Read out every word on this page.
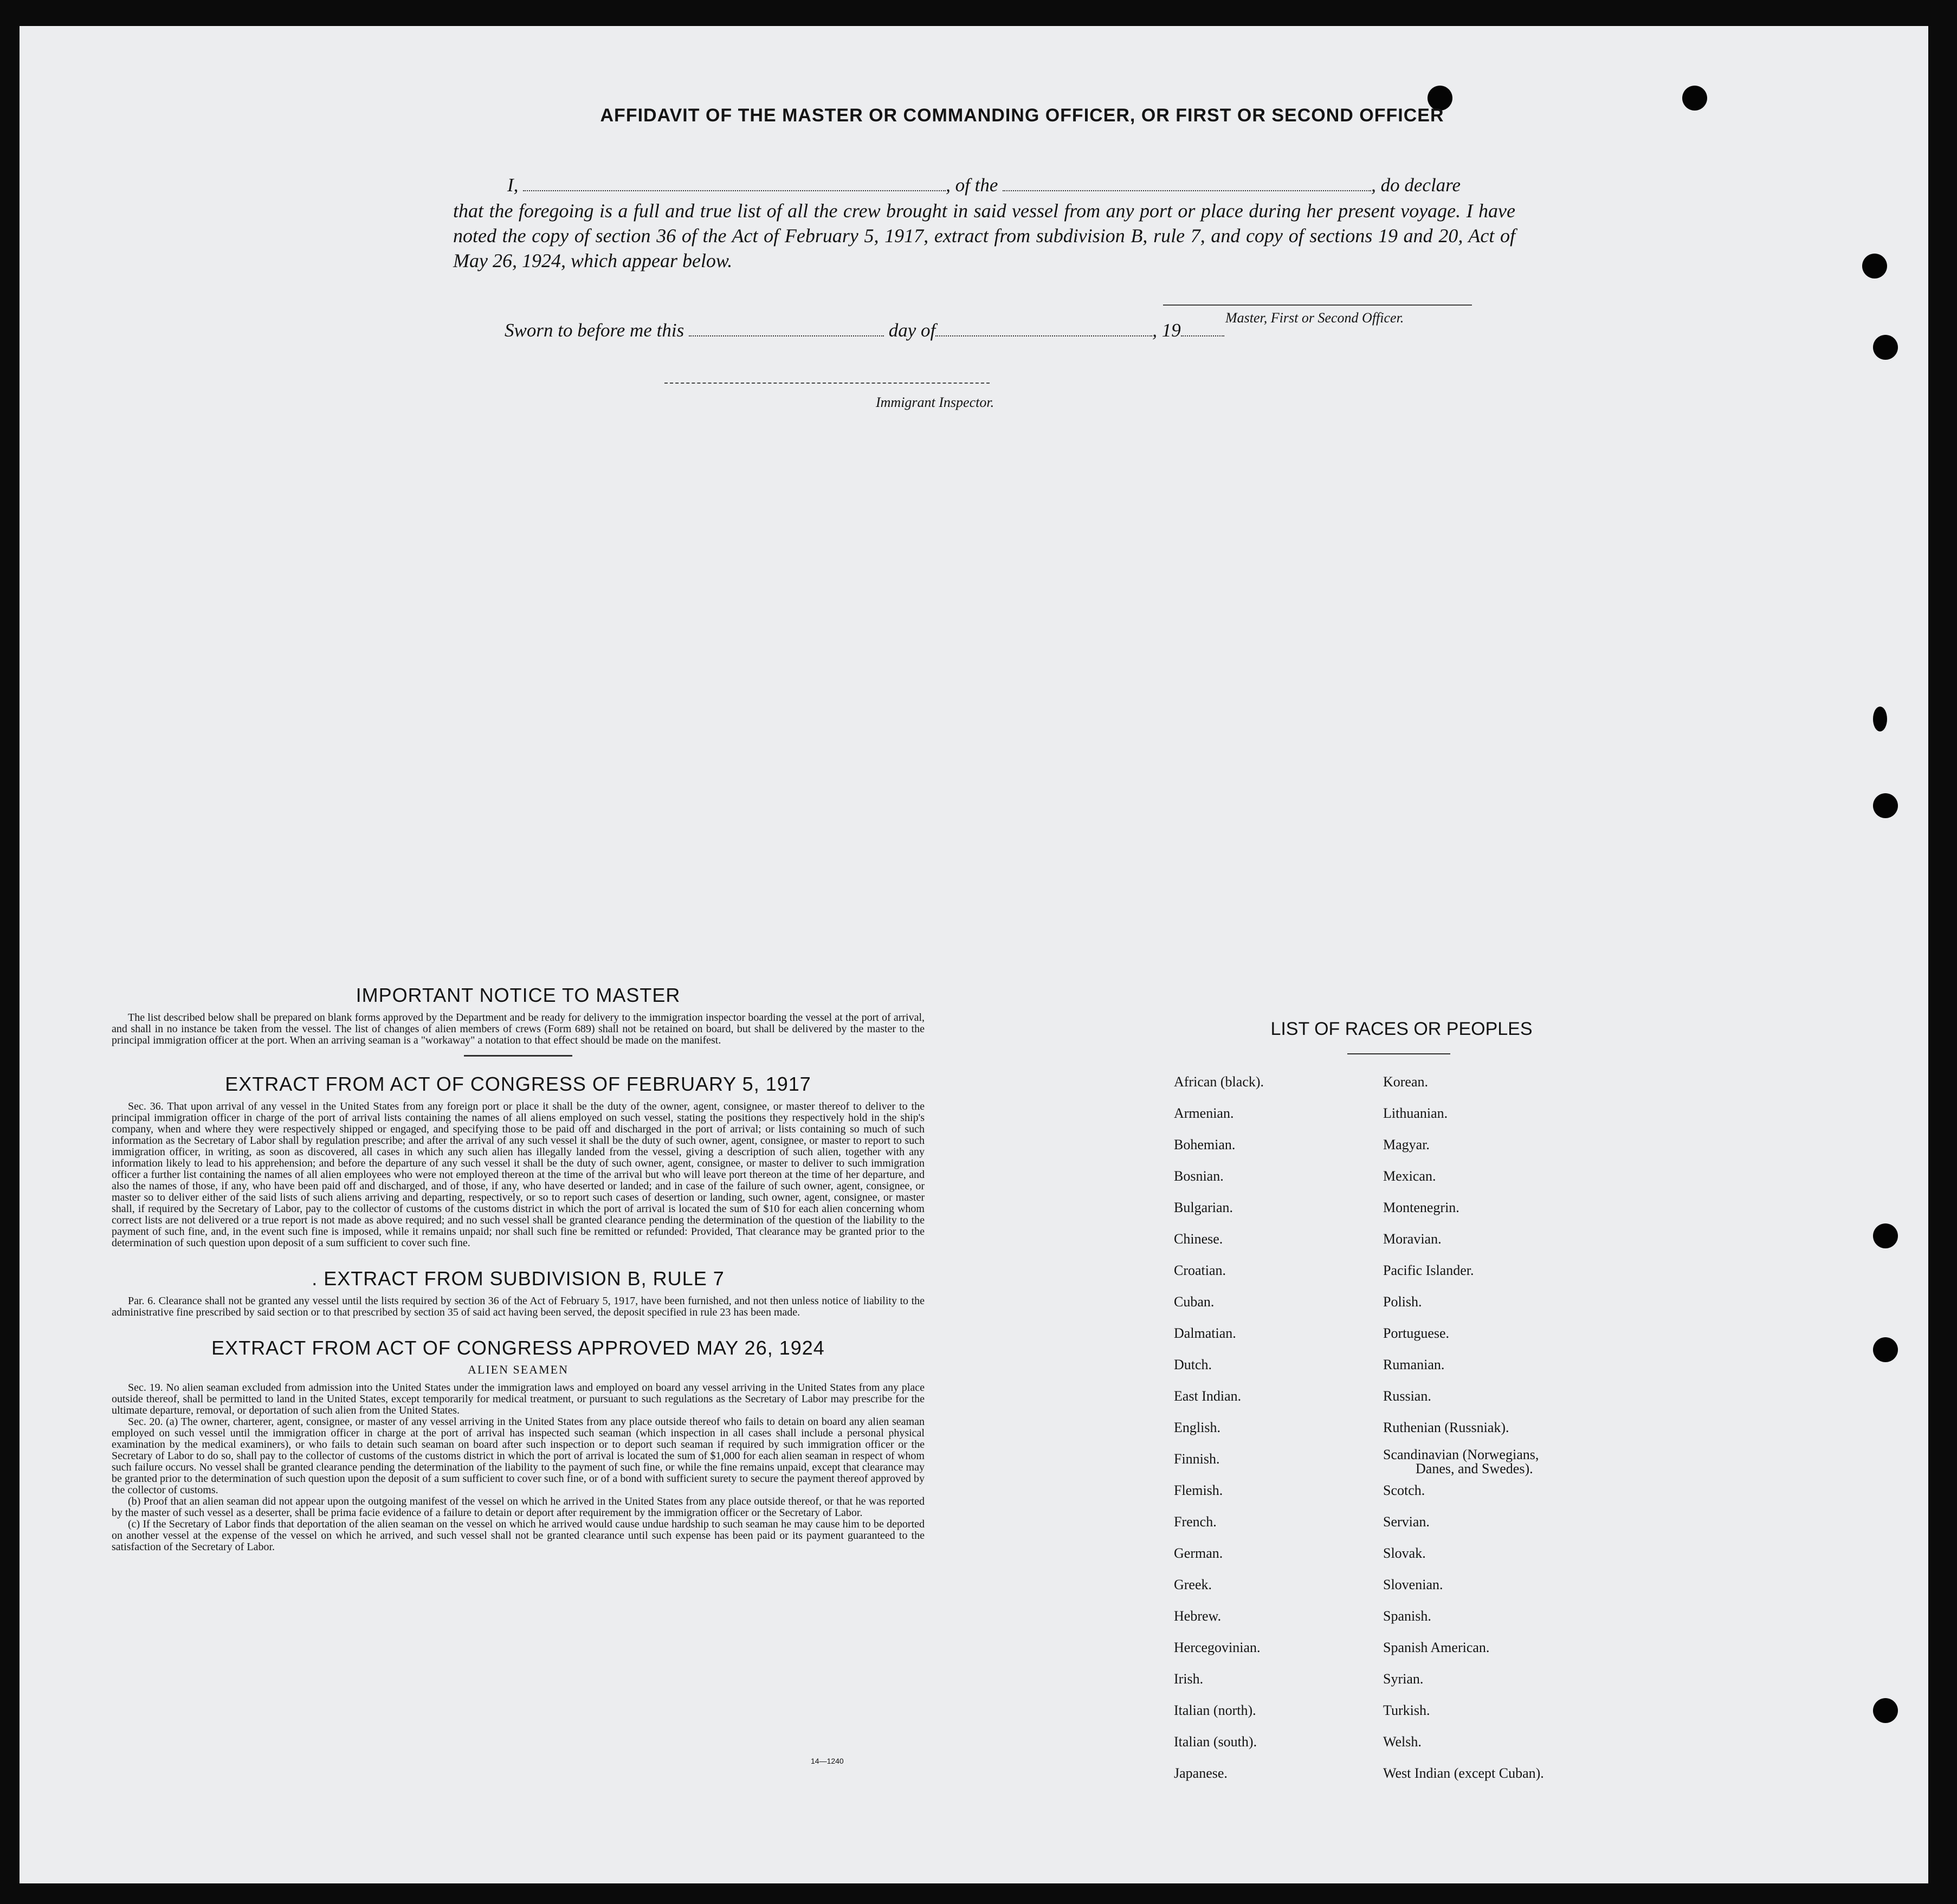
AFFIDAVIT OF THE MASTER OR COMMANDING OFFICER, OR FIRST OR SECOND OFFICER
I,	, of the	, do declare
that the foregoing is a full and true list of all the crew brought in said vessel from any port or place during her present voyage. I have noted the copy of section 36 of the Act of February 5, 1917, extract from subdivision B, rule 7, and copy of sections 19 and 20, Act of May 26, 1924, which appear below.
Master, First or Second Officer.
Sworn to before me this	day of	, 19
Immigrant Inspector.
IMPORTANT NOTICE TO MASTER

The list described below shall be prepared on blank forms approved by the Department and be ready for delivery to the immigration inspector boarding the vessel at the port of arrival, and shall in no instance be taken from the vessel. The list of changes of alien members of crews (Form 689) shall not be retained on board, but shall be delivered by the master to the principal immigration officer at the port. When an arriving seaman is a "workaway" a notation to that effect should be made on the manifest.

EXTRACT FROM ACT OF CONGRESS OF FEBRUARY 5, 1917

Sec. 36. That upon arrival of any vessel in the United States from any foreign port or place it shall be the duty of the owner, agent, consignee, or master thereof to deliver to the principal immigration officer in charge of the port of arrival lists containing the names of all aliens employed on such vessel, stating the positions they respectively hold in the ship's company, when and where they were respectively shipped or engaged, and specifying those to be paid off and discharged in the port of arrival; or lists containing so much of such information as the Secretary of Labor shall by regulation prescribe; and after the arrival of any such vessel it shall be the duty of such owner, agent, consignee, or master to report to such immigration officer, in writing, as soon as discovered, all cases in which any such alien has illegally landed from the vessel, giving a description of such alien, together with any information likely to lead to his apprehension; and before the departure of any such vessel it shall be the duty of such owner, agent, consignee, or master to deliver to such immigration officer a further list containing the names of all alien employees who were not employed thereon at the time of the arrival but who will leave port thereon at the time of her departure, and also the names of those, if any, who have been paid off and discharged, and of those, if any, who have deserted or landed; and in case of the failure of such owner, agent, consignee, or master so to deliver either of the said lists of such aliens arriving and departing, respectively, or so to report such cases of desertion or landing, such owner, agent, consignee, or master shall, if required by the Secretary of Labor, pay to the collector of customs of the customs district in which the port of arrival is located the sum of $10 for each alien concerning whom correct lists are not delivered or a true report is not made as above required; and no such vessel shall be granted clearance pending the determination of the question of the liability to the payment of such fine, and, in the event such fine is imposed, while it remains unpaid; nor shall such fine be remitted or refunded: Provided, That clearance may be granted prior to the determination of such question upon deposit of a sum sufficient to cover such fine.

. EXTRACT FROM SUBDIVISION B, RULE 7

Par. 6. Clearance shall not be granted any vessel until the lists required by section 36 of the Act of February 5, 1917, have been furnished, and not then unless notice of liability to the administrative fine prescribed by said section or to that prescribed by section 35 of said act having been served, the deposit specified in rule 23 has been made.

EXTRACT FROM ACT OF CONGRESS APPROVED MAY 26, 1924
ALIEN SEAMEN

Sec. 19. No alien seaman excluded from admission into the United States under the immigration laws and employed on board any vessel arriving in the United States from any place outside thereof, shall be permitted to land in the United States, except temporarily for medical treatment, or pursuant to such regulations as the Secretary of Labor may prescribe for the ultimate departure, removal, or deportation of such alien from the United States.

Sec. 20. (a) The owner, charterer, agent, consignee, or master of any vessel arriving in the United States from any place outside thereof who fails to detain on board any alien seaman employed on such vessel until the immigration officer in charge at the port of arrival has inspected such seaman (which inspection in all cases shall include a personal physical examination by the medical examiners), or who fails to detain such seaman on board after such inspection or to deport such seaman if required by such immigration officer or the Secretary of Labor to do so, shall pay to the collector of customs of the customs district in which the port of arrival is located the sum of $1,000 for each alien seaman in respect of whom such failure occurs. No vessel shall be granted clearance pending the determination of the liability to the payment of such fine, or while the fine remains unpaid, except that clearance may be granted prior to the determination of such question upon the deposit of a sum sufficient to cover such fine, or of a bond with sufficient surety to secure the payment thereof approved by the collector of customs.

(b) Proof that an alien seaman did not appear upon the outgoing manifest of the vessel on which he arrived in the United States from any place outside thereof, or that he was reported by the master of such vessel as a deserter, shall be prima facie evidence of a failure to detain or deport after requirement by the immigration officer or the Secretary of Labor.

(c) If the Secretary of Labor finds that deportation of the alien seaman on the vessel on which he arrived would cause undue hardship to such seaman he may cause him to be deported on another vessel at the expense of the vessel on which he arrived, and such vessel shall not be granted clearance until such expense has been paid or its payment guaranteed to the satisfaction of the Secretary of Labor.

14—1240
LIST OF RACES OR PEOPLES
African (black).
Armenian.
Bohemian.
Bosnian.
Bulgarian.
Chinese.
Croatian.
Cuban.
Dalmatian.
Dutch.
East Indian.
English.
Finnish.
Flemish.
French.
German.
Greek.
Hebrew.
Hercegovinian.
Irish.
Italian (north).
Italian (south).
Japanese.
Korean.
Lithuanian.
Magyar.
Mexican.
Montenegrin.
Moravian.
Pacific Islander.
Polish.
Portuguese.
Rumanian.
Russian.
Ruthenian (Russniak).
Scandinavian (Norwegians,
Danes, and Swedes).
Scotch.
Servian.
Slovak.
Slovenian.
Spanish.
Spanish American.
Syrian.
Turkish.
Welsh.
West Indian (except Cuban).
